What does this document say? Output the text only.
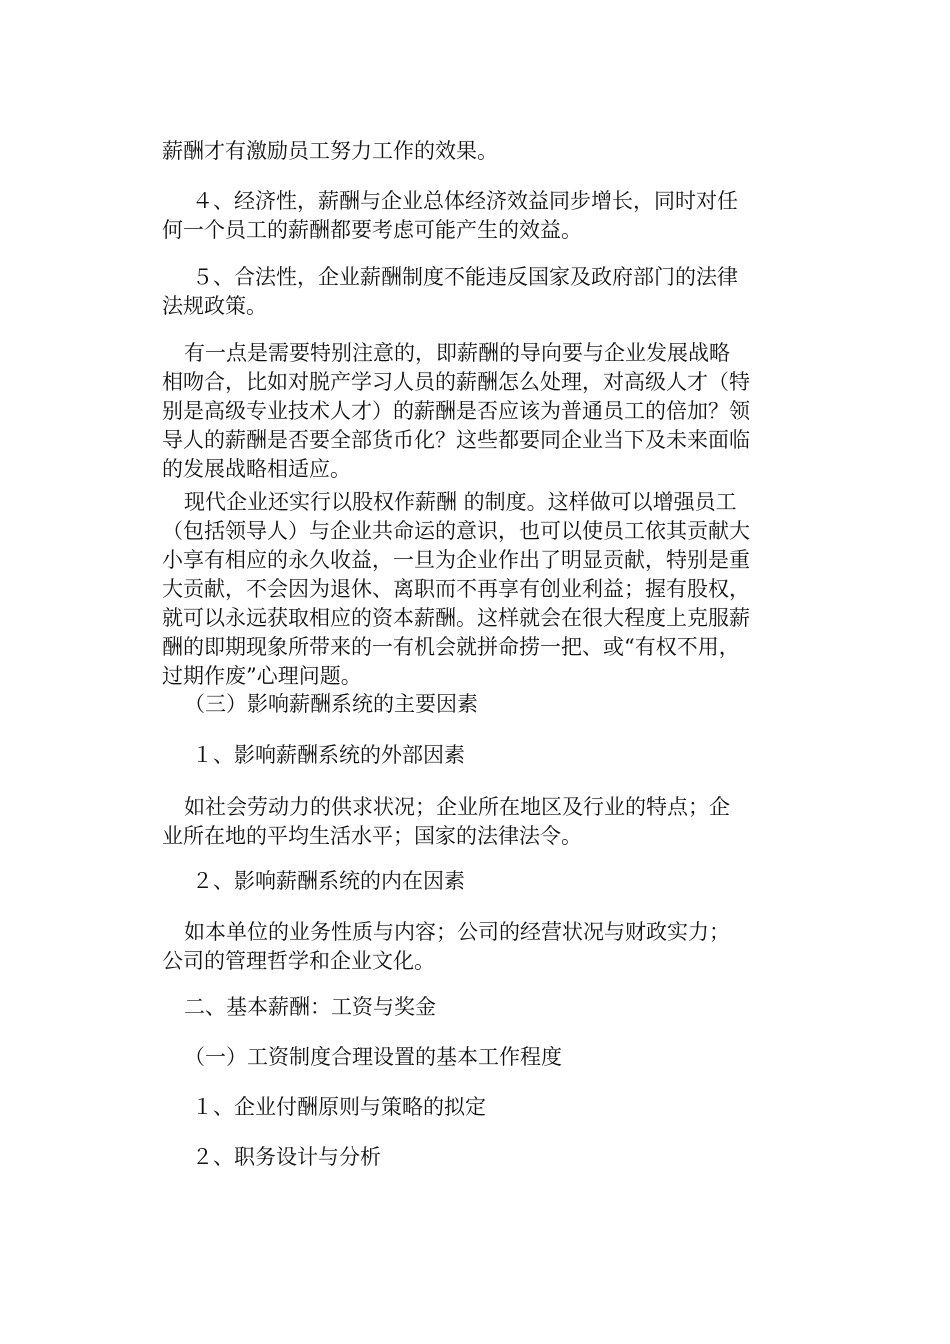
薪酬才有激励员工努力工作的效果。

４、经济性，薪酬与企业总体经济效益同步增长，同时对任
何一个员工的薪酬都要考虑可能产生的效益。

５、合法性，企业薪酬制度不能违反国家及政府部门的法律
法规政策。

有一点是需要特别注意的，即薪酬的导向要与企业发展战略
相吻合，比如对脱产学习人员的薪酬怎么处理，对高级人才（特
别是高级专业技术人才）的薪酬是否应该为普通员工的倍加？领
导人的薪酬是否要全部货币化？这些都要同企业当下及未来面临
的发展战略相适应。

现代企业还实行以股权作薪酬 的制度。这样做可以增强员工
（包括领导人）与企业共命运的意识，也可以使员工依其贡献大
小享有相应的永久收益，一旦为企业作出了明显贡献，特别是重
大贡献，不会因为退休、离职而不再享有创业利益；握有股权，
就可以永远获取相应的资本薪酬。这样就会在很大程度上克服薪
酬的即期现象所带来的一有机会就拼命捞一把、或“有权不用，
过期作废”心理问题。

（三）影响薪酬系统的主要因素

１、影响薪酬系统的外部因素

如社会劳动力的供求状况；企业所在地区及行业的特点；企
业所在地的平均生活水平；国家的法律法令。

２、影响薪酬系统的内在因素

如本单位的业务性质与内容；公司的经营状况与财政实力；
公司的管理哲学和企业文化。

二、基本薪酬：工资与奖金

（一）工资制度合理设置的基本工作程度

１、企业付酬原则与策略的拟定

２、职务设计与分析
